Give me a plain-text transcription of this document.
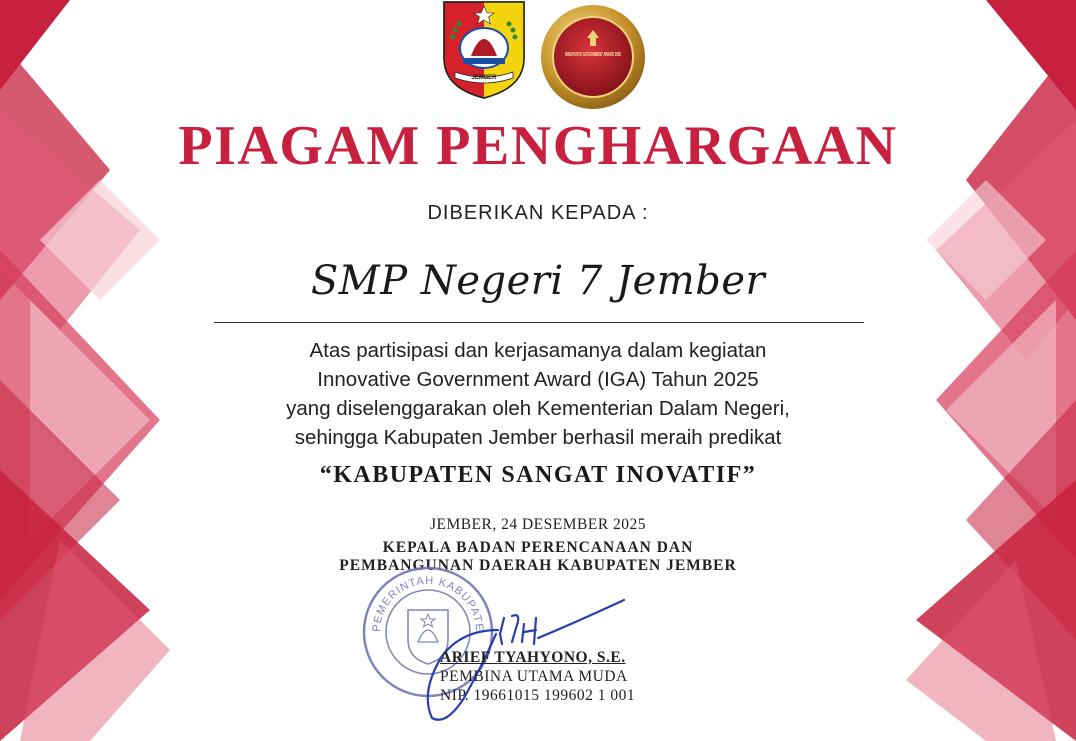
JEMBER
INNOVATIVE GOVERNMENT AWARD 2025
PIAGAM PENGHARGAAN
DIBERIKAN KEPADA :
SMP Negeri 7 Jember
Atas partisipasi dan kerjasamanya dalam kegiatan
Innovative Government Award (IGA) Tahun 2025
yang diselenggarakan oleh Kementerian Dalam Negeri,
sehingga Kabupaten Jember berhasil meraih predikat
“KABUPATEN SANGAT INOVATIF”
JEMBER, 24 DESEMBER 2025
KEPALA BADAN PERENCANAAN DAN
PEMBANGUNAN DAERAH KABUPATEN JEMBER
PEMERINTAH KABUPATE
ARIEF TYAHYONO, S.E.
PEMBINA UTAMA MUDA
NIP. 19661015 199602 1 001
